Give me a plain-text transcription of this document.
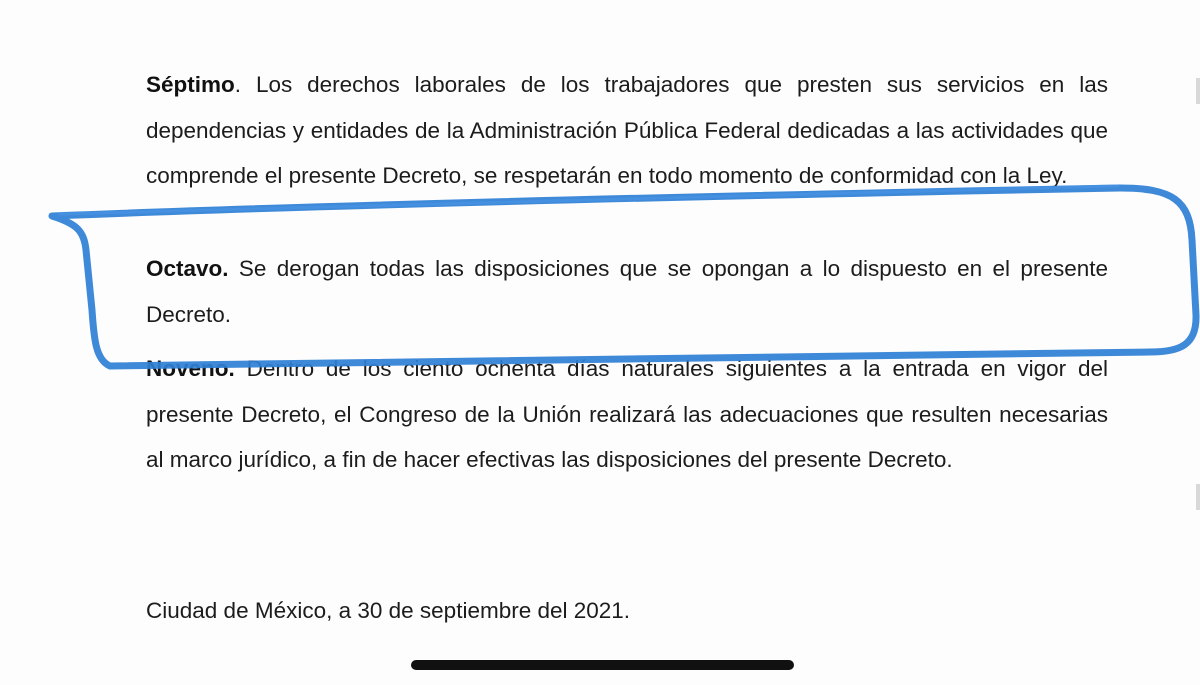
Séptimo. Los derechos laborales de los trabajadores que presten sus servicios en las dependencias y entidades de la Administración Pública Federal dedicadas a las actividades que comprende el presente Decreto, se respetarán en todo momento de conformidad con la Ley.

Octavo. Se derogan todas las disposiciones que se opongan a lo dispuesto en el presente Decreto.

Noveno. Dentro de los ciento ochenta días naturales siguientes a la entrada en vigor del presente Decreto, el Congreso de la Unión realizará las adecuaciones que resulten necesarias al marco jurídico, a fin de hacer efectivas las disposiciones del presente Decreto.

Ciudad de México, a 30 de septiembre del 2021.
